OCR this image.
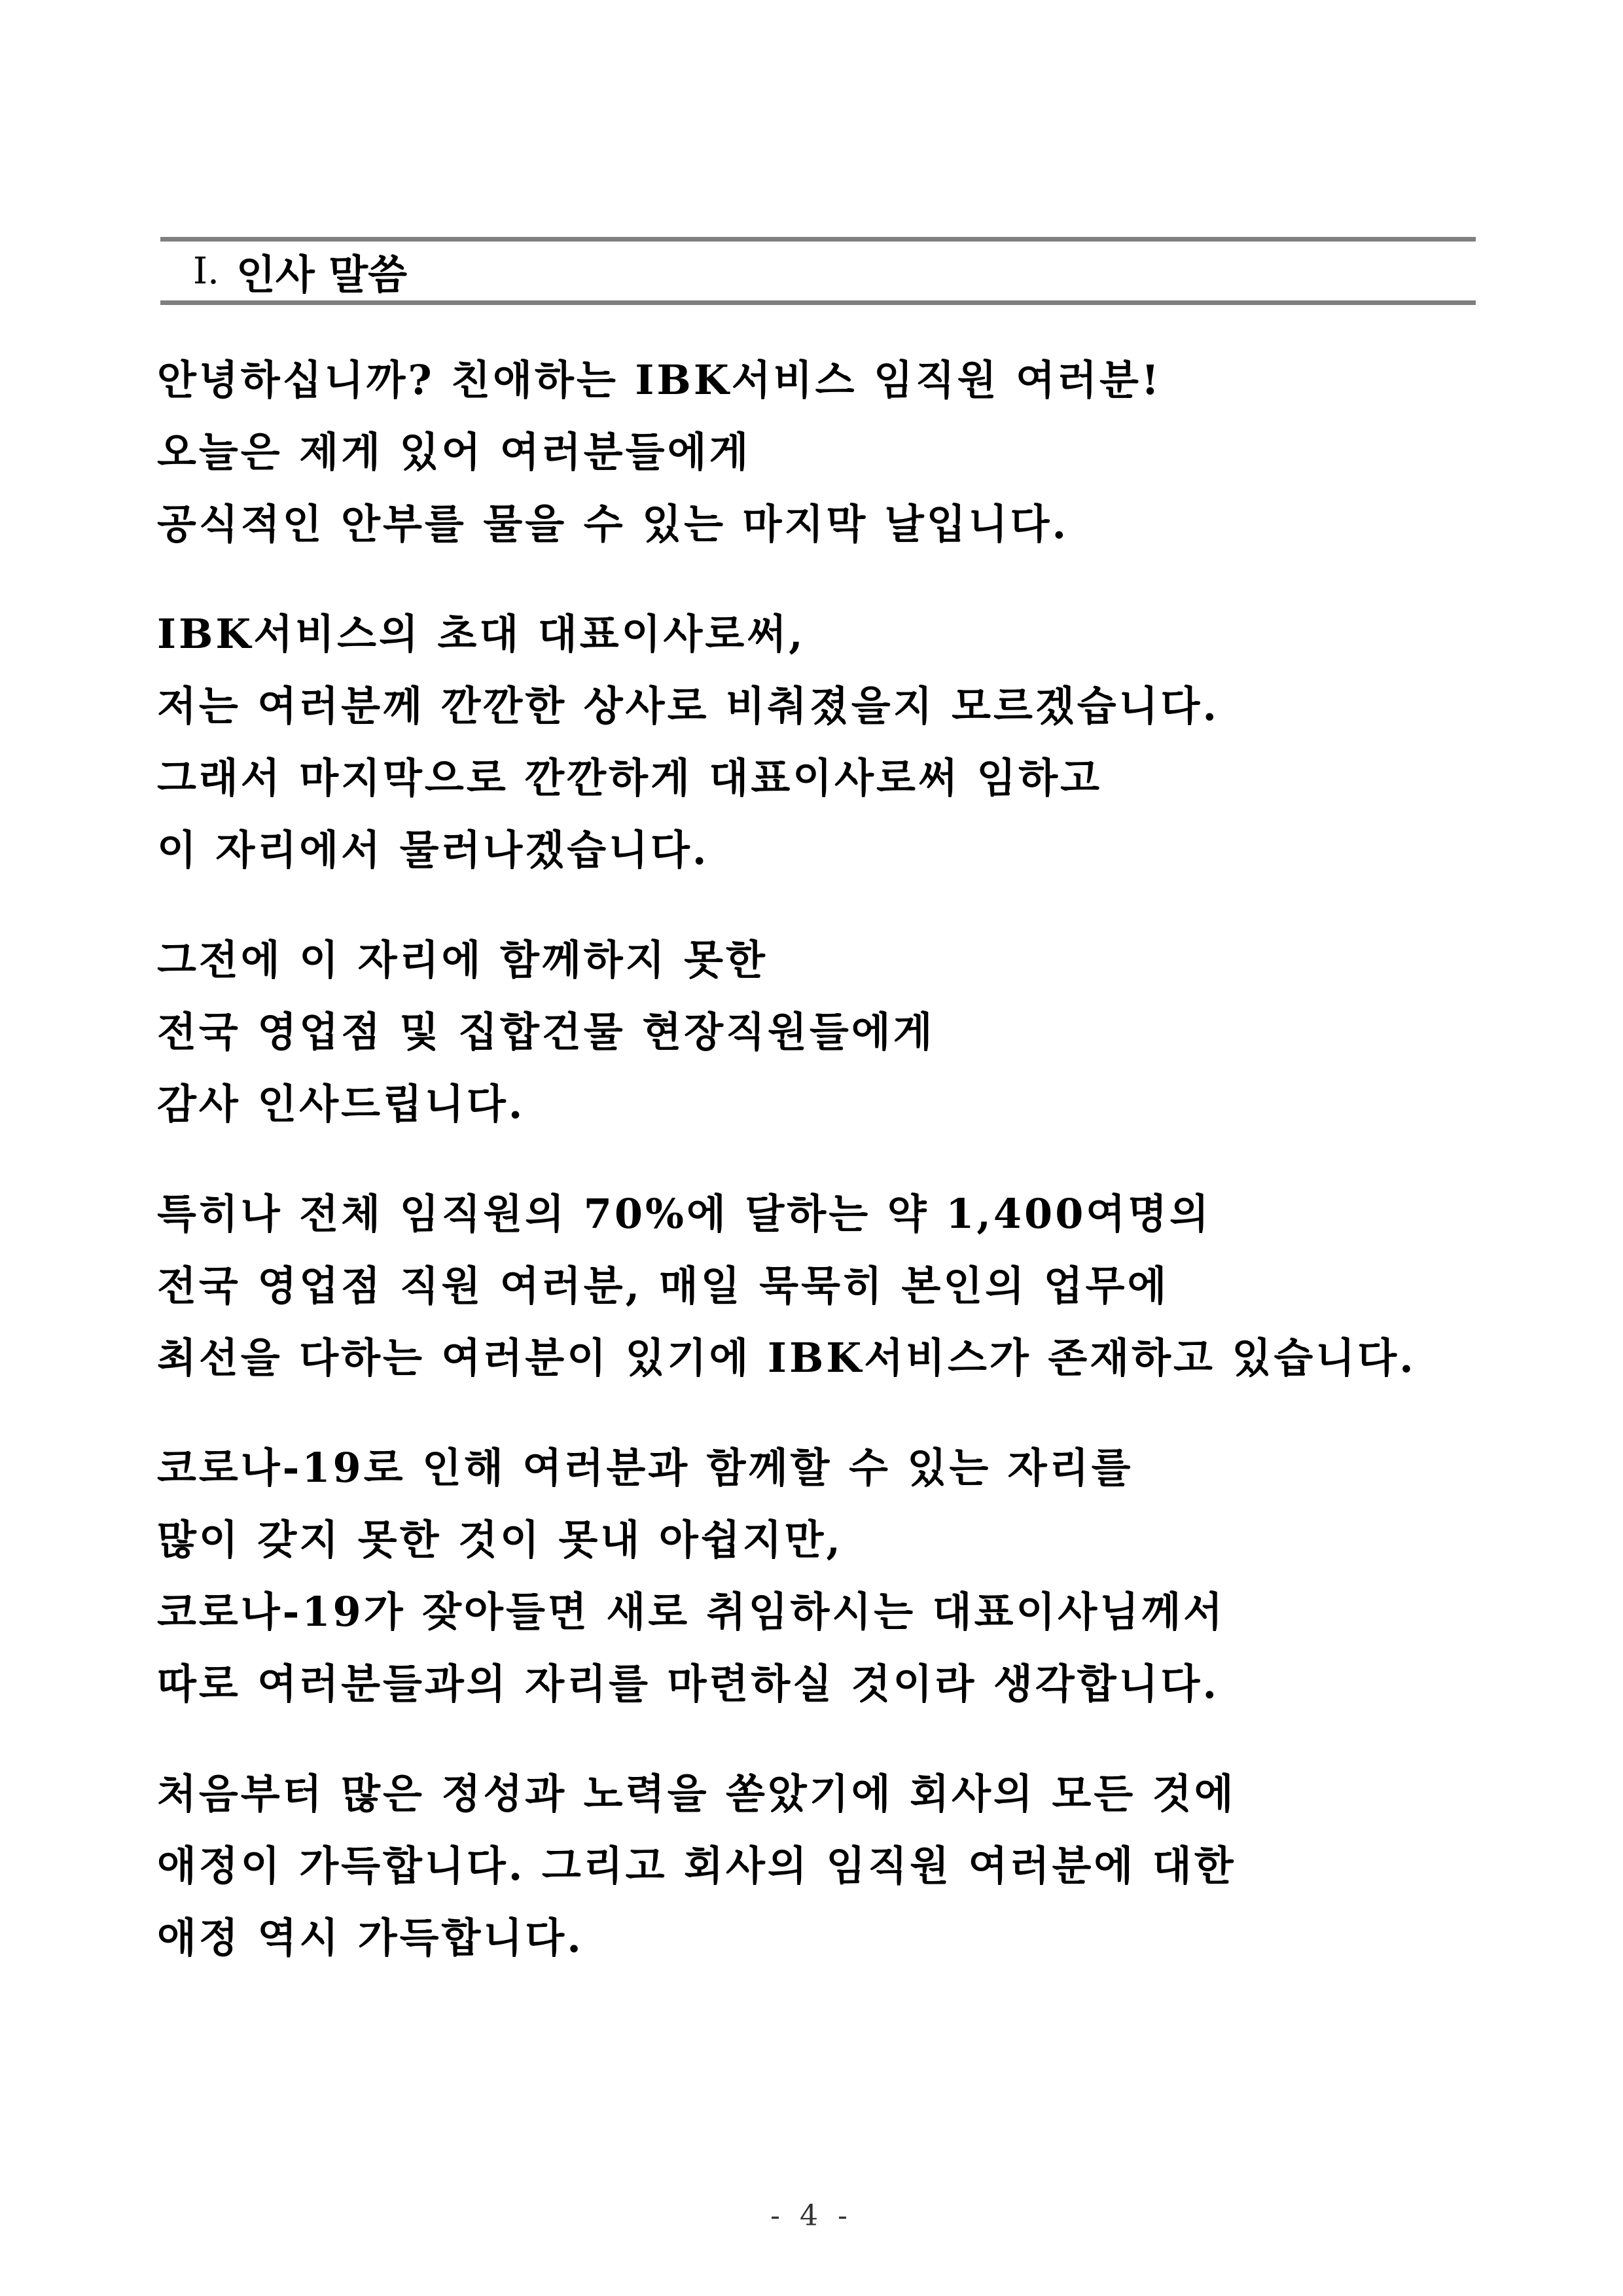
Ⅰ. 인사 말씀
안녕하십니까? 친애하는 IBK서비스 임직원 여러분!
오늘은 제게 있어 여러분들에게
공식적인 안부를 물을 수 있는 마지막 날입니다.
IBK서비스의 초대 대표이사로써,
저는 여러분께 깐깐한 상사로 비춰졌을지 모르겠습니다.
그래서 마지막으로 깐깐하게 대표이사로써 임하고
이 자리에서 물러나겠습니다.
그전에 이 자리에 함께하지 못한
전국 영업점 및 집합건물 현장직원들에게
감사 인사드립니다.
특히나 전체 임직원의 70%에 달하는 약 1,400여명의
전국 영업점 직원 여러분, 매일 묵묵히 본인의 업무에
최선을 다하는 여러분이 있기에 IBK서비스가 존재하고 있습니다.
코로나-19로 인해 여러분과 함께할 수 있는 자리를
많이 갖지 못한 것이 못내 아쉽지만,
코로나-19가 잦아들면 새로 취임하시는 대표이사님께서
따로 여러분들과의 자리를 마련하실 것이라 생각합니다.
처음부터 많은 정성과 노력을 쏟았기에 회사의 모든 것에
애정이 가득합니다. 그리고 회사의 임직원 여러분에 대한
애정 역시 가득합니다.
- 4 -
